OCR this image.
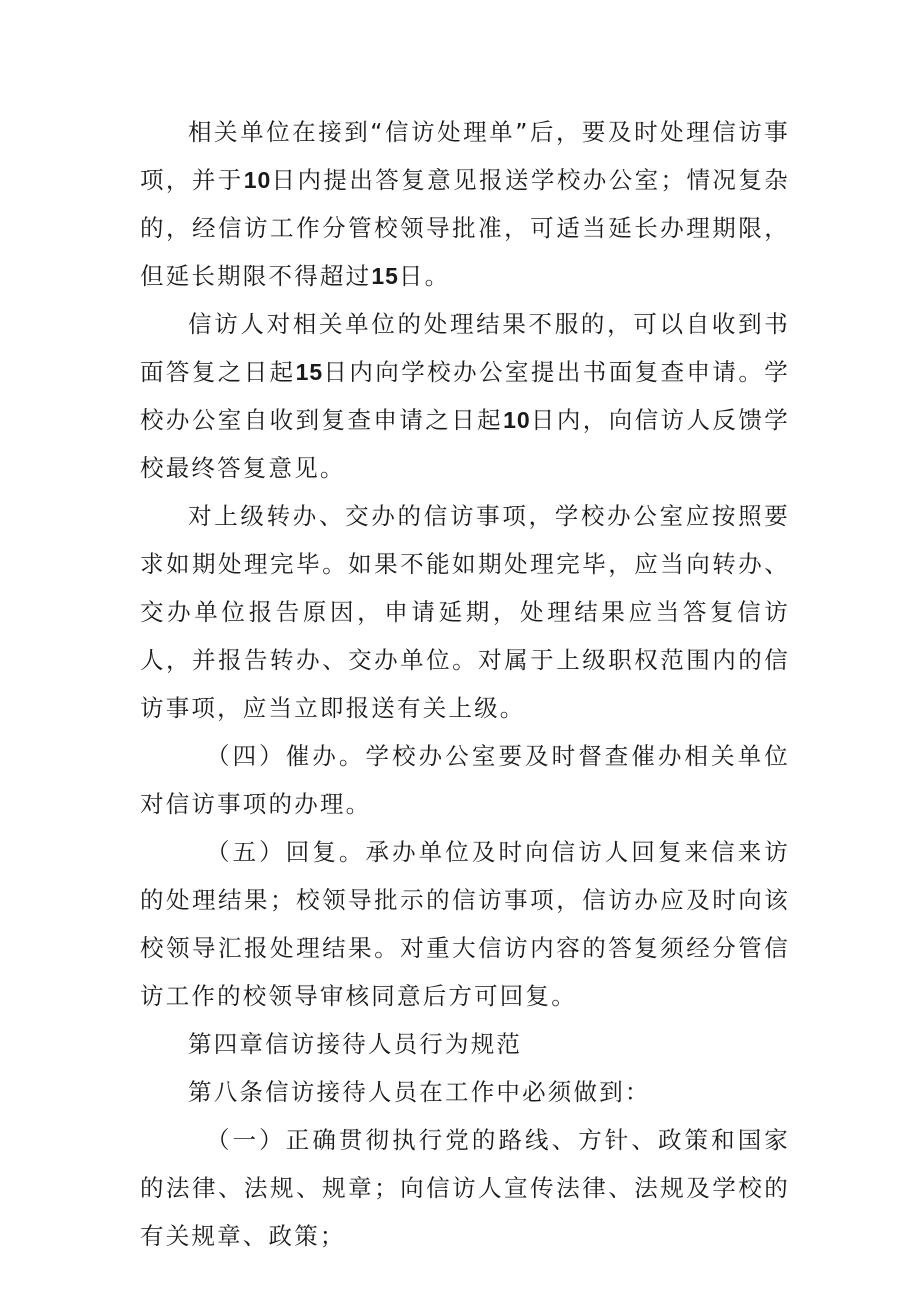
相关单位在接到“信访处理单”后，要及时处理信访事项，并于10日内提出答复意见报送学校办公室；情况复杂的，经信访工作分管校领导批准，可适当延长办理期限，但延长期限不得超过15日。

信访人对相关单位的处理结果不服的，可以自收到书面答复之日起15日内向学校办公室提出书面复查申请。学校办公室自收到复查申请之日起10日内，向信访人反馈学校最终答复意见。

对上级转办、交办的信访事项，学校办公室应按照要求如期处理完毕。如果不能如期处理完毕，应当向转办、交办单位报告原因，申请延期，处理结果应当答复信访人，并报告转办、交办单位。对属于上级职权范围内的信访事项，应当立即报送有关上级。

（四）催办。学校办公室要及时督查催办相关单位对信访事项的办理。

（五）回复。承办单位及时向信访人回复来信来访的处理结果；校领导批示的信访事项，信访办应及时向该校领导汇报处理结果。对重大信访内容的答复须经分管信访工作的校领导审核同意后方可回复。

第四章信访接待人员行为规范

第八条信访接待人员在工作中必须做到：

（一）正确贯彻执行党的路线、方针、政策和国家的法律、法规、规章；向信访人宣传法律、法规及学校的有关规章、政策；
